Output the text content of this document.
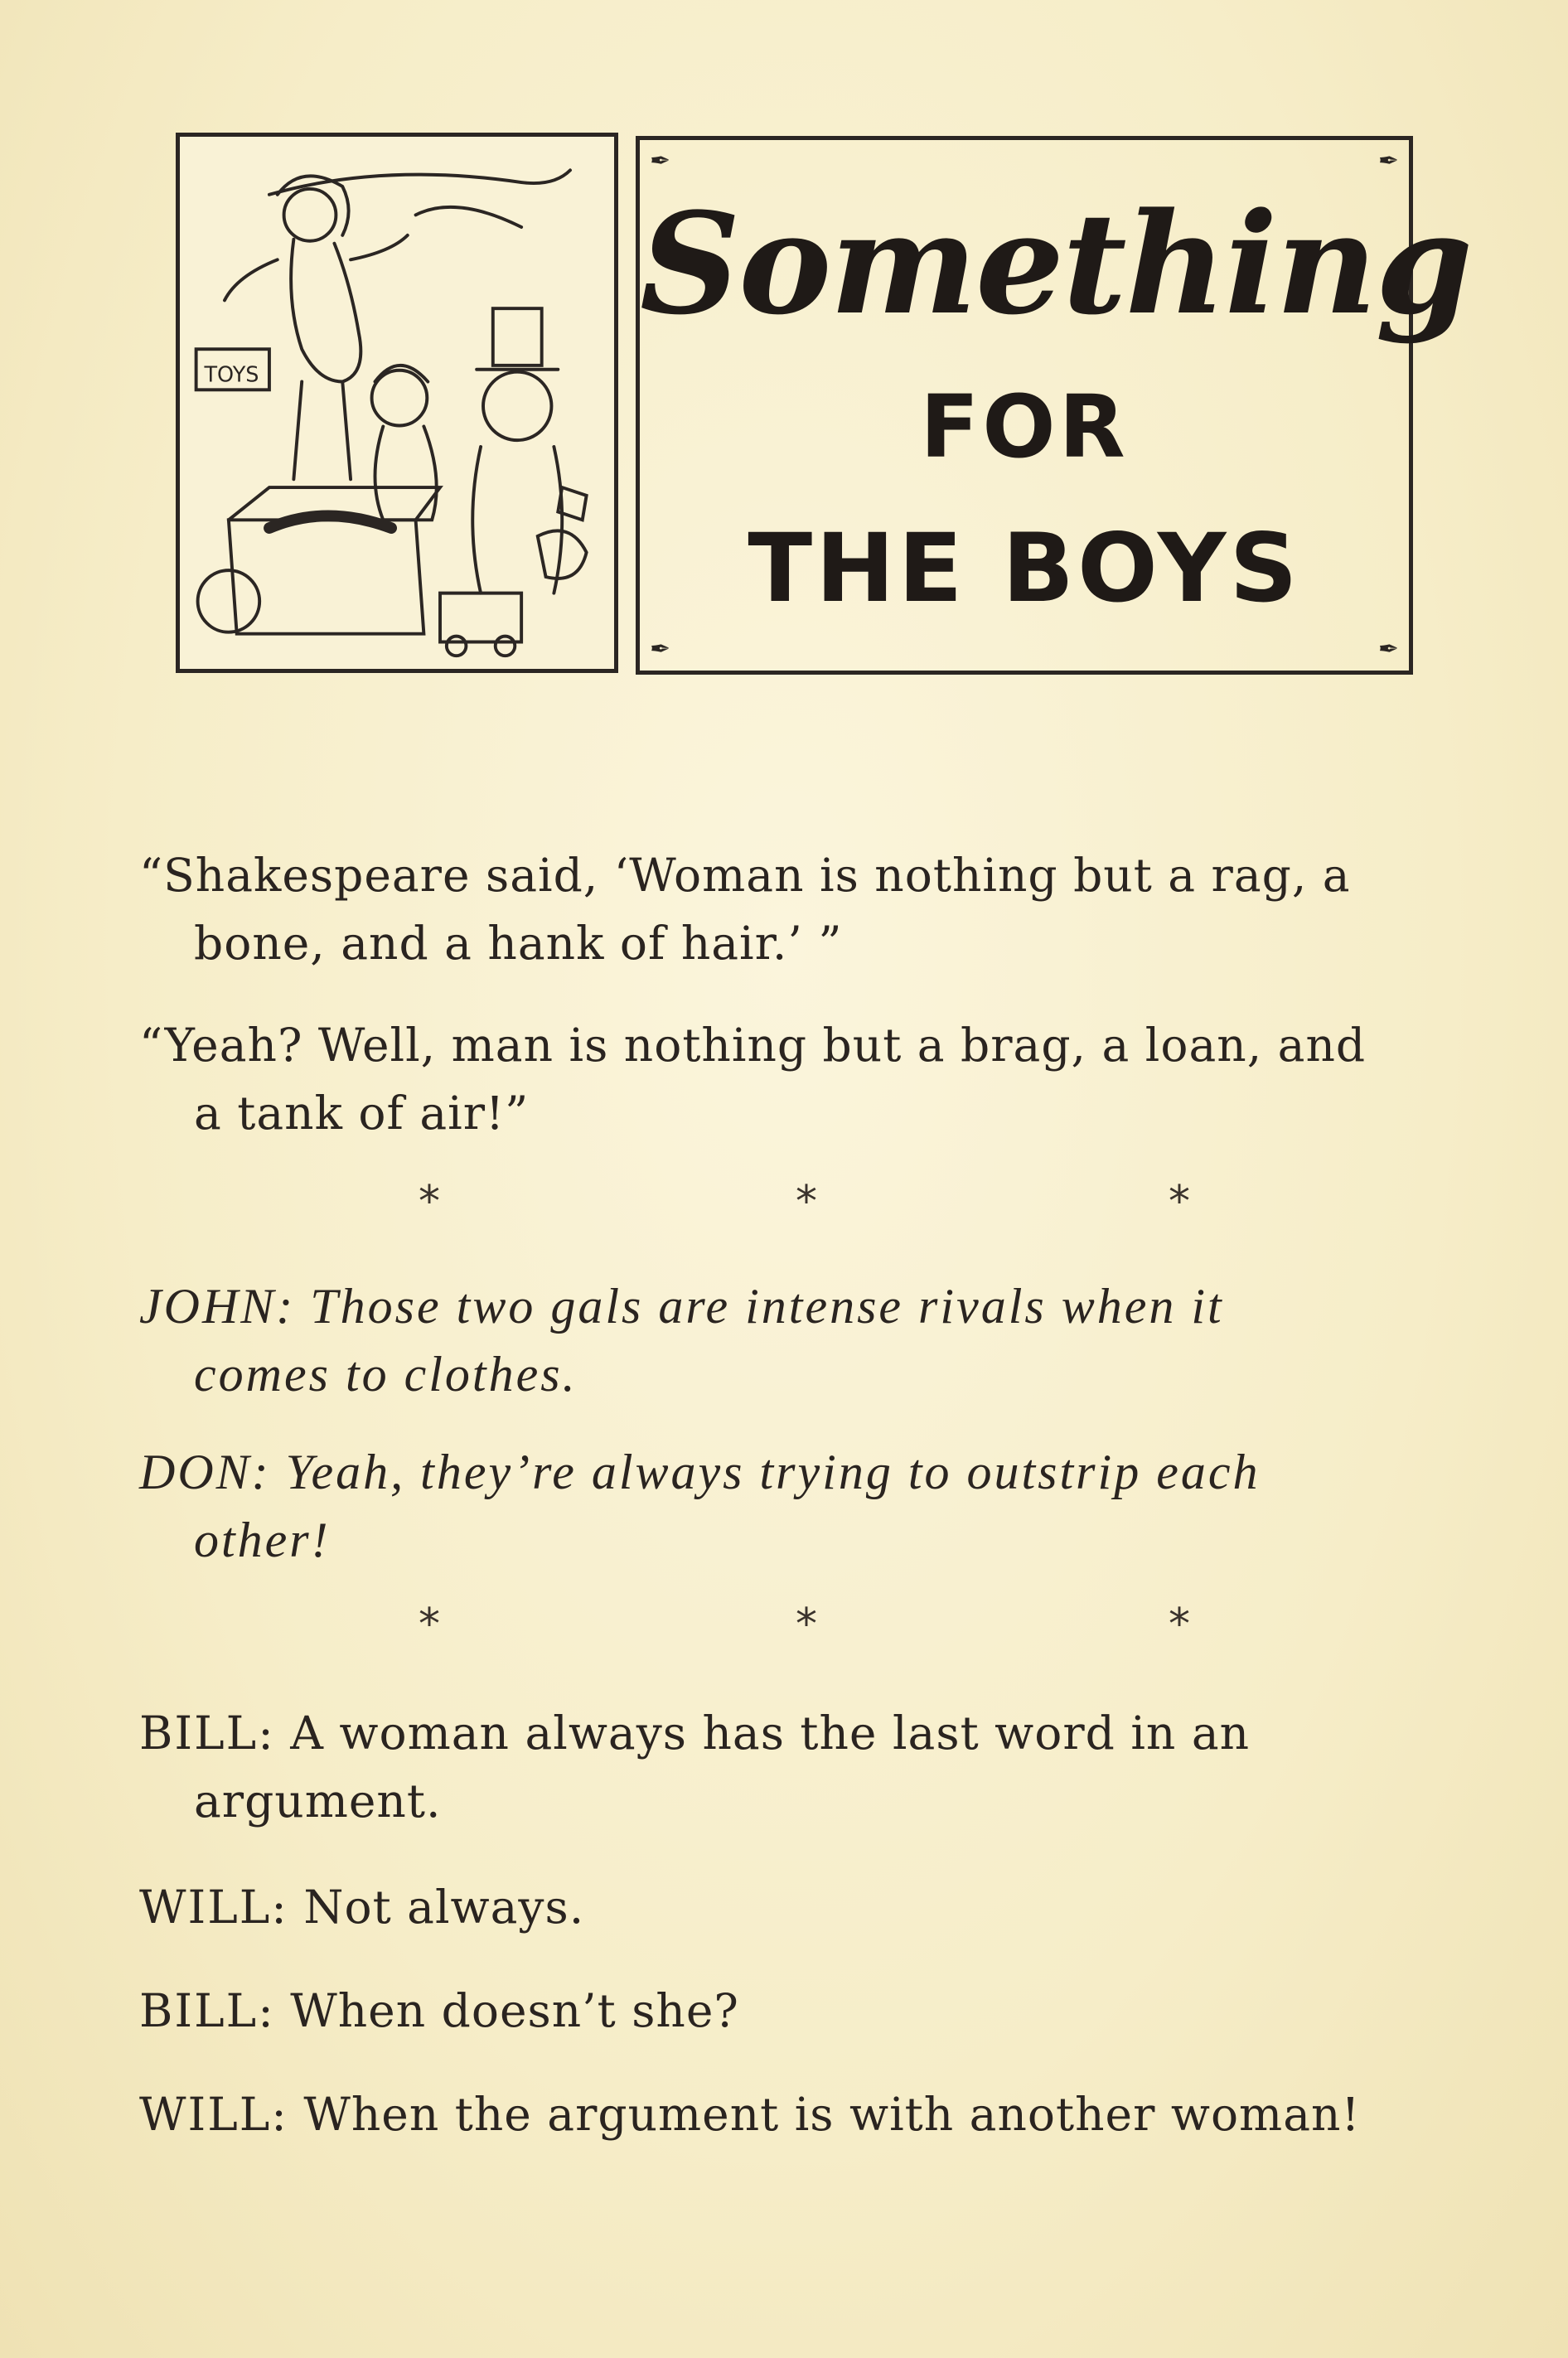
TOYS
✒	✒
✒	✒
Something
FOR
THE BOYS
“Shakespeare said, ‘Woman is nothing but a rag, a
bone, and a hank of hair.’ ”
“Yeah? Well, man is nothing but a brag, a loan, and
a tank of air!”
*	*	*
JOHN: Those two gals are intense rivals when it
comes to clothes.
DON: Yeah, they’re always trying to outstrip each
other!
*	*	*
BILL: A woman always has the last word in an
argument.
WILL: Not always.
BILL: When doesn’t she?
WILL: When the argument is with another woman!
